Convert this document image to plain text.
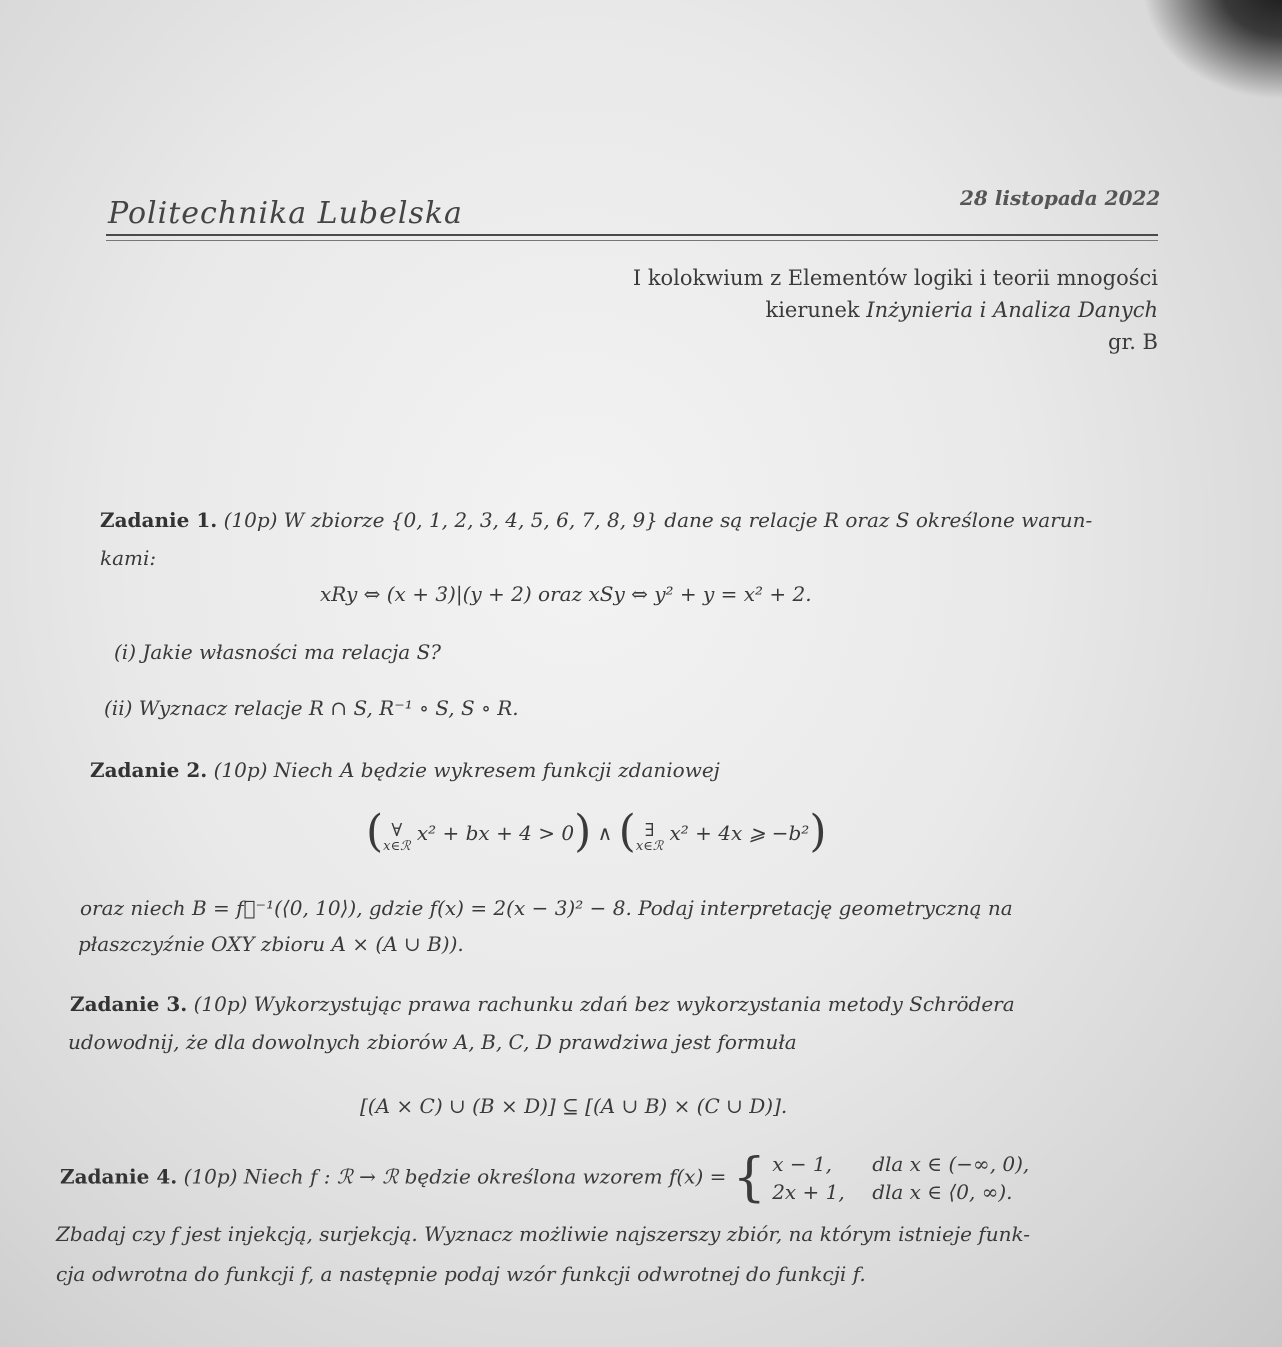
Politechnika Lubelska	28 listopada 2022
I kolokwium z Elementów logiki i teorii mnogości
kierunek Inżynieria i Analiza Danych
gr. B
Zadanie 1. (10p) W zbiorze {0, 1, 2, 3, 4, 5, 6, 7, 8, 9} dane są relacje R oraz S określone warun-
kami:
xRy ⇔ (x + 3)|(y + 2) oraz xSy ⇔ y² + y = x² + 2.
(i) Jakie własności ma relacja S?
(ii) Wyznacz relacje R ∩ S, R⁻¹ ∘ S, S ∘ R.
Zadanie 2. (10p) Niech A będzie wykresem funkcji zdaniowej
( ∀
x∈ℛ
x² + bx + 4 > 0) ∧ ( ∃
x∈ℛ
x² + 4x ⩾ −b²)
oraz niech B = f⃗⁻¹(⟨0, 10⟩), gdzie f(x) = 2(x − 3)² − 8. Podaj interpretację geometryczną na
płaszczyźnie OXY zbioru A × (A ∪ B)).
Zadanie 3. (10p) Wykorzystując prawa rachunku zdań bez wykorzystania metody Schrödera
udowodnij, że dla dowolnych zbiorów A, B, C, D prawdziwa jest formuła
[(A × C) ∪ (B × D)] ⊆ [(A ∪ B) × (C ∪ D)].
Zadanie 4. (10p) Niech f : ℛ → ℛ będzie określona wzorem f(x) = { x − 1, dla x ∈ (−∞, 0),
2x + 1, dla x ∈ ⟨0, ∞).
Zbadaj czy f jest injekcją, surjekcją. Wyznacz możliwie najszerszy zbiór, na którym istnieje funk-
cja odwrotna do funkcji f, a następnie podaj wzór funkcji odwrotnej do funkcji f.
